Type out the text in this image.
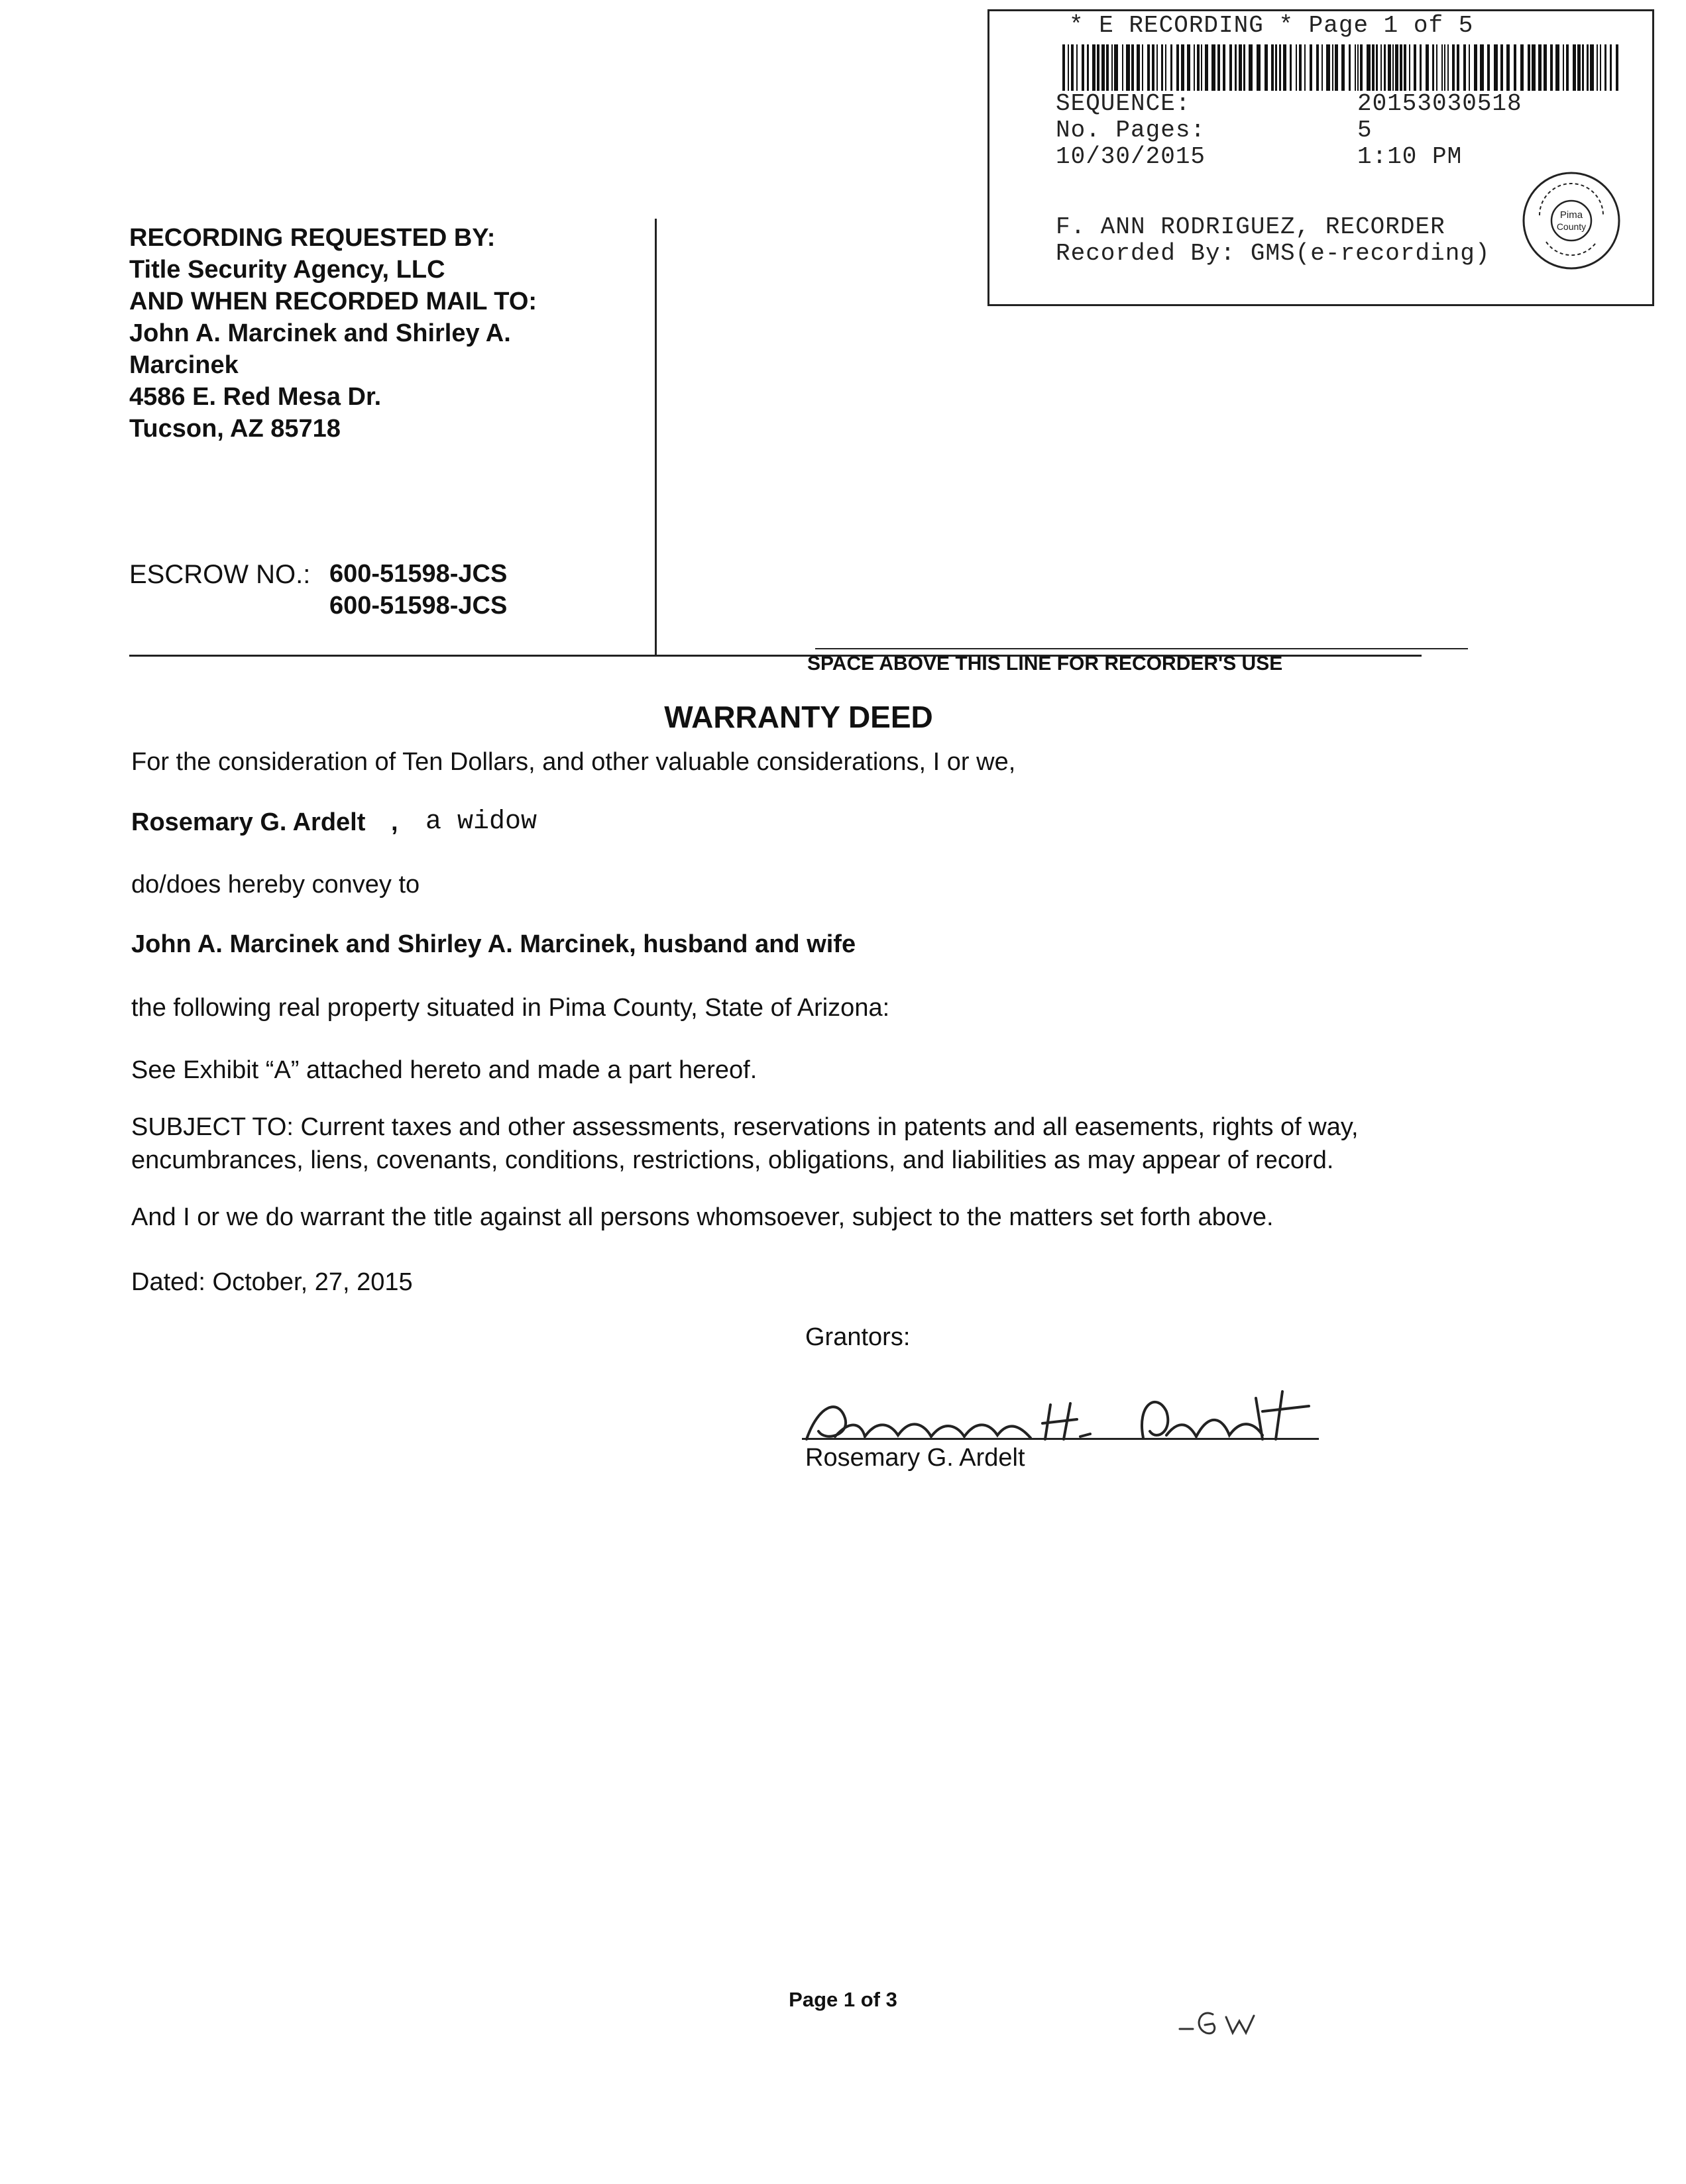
* E RECORDING * Page 1 of 5
SEQUENCE:	20153030518
No. Pages:	5
10/30/2015	1:10 PM
F. ANN RODRIGUEZ, RECORDER
Recorded By: GMS(e-recording)
Pima
County
RECORDING REQUESTED BY:
Title Security Agency, LLC
AND WHEN RECORDED MAIL TO:
John A. Marcinek and Shirley A.
Marcinek
4586 E. Red Mesa Dr.
Tucson, AZ 85718
ESCROW NO.: 600-51598-JCS
600-51598-JCS
SPACE ABOVE THIS LINE FOR RECORDER'S USE
WARRANTY DEED
For the consideration of Ten Dollars, and other valuable considerations, I or we,
Rosemary G. Ardelt , a widow
do/does hereby convey to
John A. Marcinek and Shirley A. Marcinek, husband and wife
the following real property situated in Pima County, State of Arizona:
See Exhibit “A” attached hereto and made a part hereof.
SUBJECT TO: Current taxes and other assessments, reservations in patents and all easements, rights of way, encumbrances, liens, covenants, conditions, restrictions, obligations, and liabilities as may appear of record.
And I or we do warrant the title against all persons whomsoever, subject to the matters set forth above.
Dated: October, 27, 2015
Grantors:
Rosemary G. Ardelt
Page 1 of 3
